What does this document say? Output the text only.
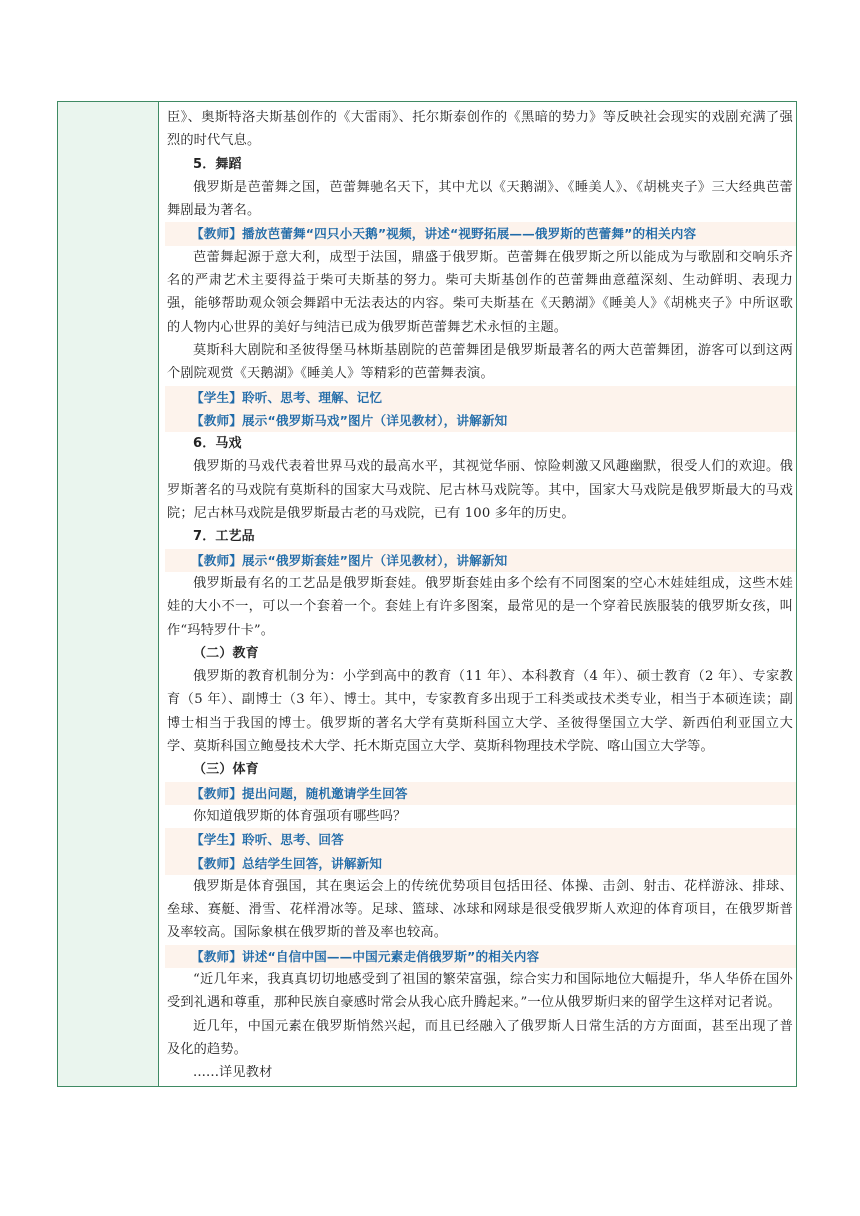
臣》、奥斯特洛夫斯基创作的《大雷雨》、托尔斯泰创作的《黑暗的势力》等反映社会现实的戏剧充满了强烈的时代气息。

5．舞蹈

俄罗斯是芭蕾舞之国，芭蕾舞驰名天下，其中尤以《天鹅湖》、《睡美人》、《胡桃夹子》三大经典芭蕾舞剧最为著名。

【教师】播放芭蕾舞“四只小天鹅”视频，讲述“视野拓展——俄罗斯的芭蕾舞”的相关内容

芭蕾舞起源于意大利，成型于法国，鼎盛于俄罗斯。芭蕾舞在俄罗斯之所以能成为与歌剧和交响乐齐名的严肃艺术主要得益于柴可夫斯基的努力。柴可夫斯基创作的芭蕾舞曲意蕴深刻、生动鲜明、表现力强，能够帮助观众领会舞蹈中无法表达的内容。柴可夫斯基在《天鹅湖》《睡美人》《胡桃夹子》中所讴歌的人物内心世界的美好与纯洁已成为俄罗斯芭蕾舞艺术永恒的主题。

莫斯科大剧院和圣彼得堡马林斯基剧院的芭蕾舞团是俄罗斯最著名的两大芭蕾舞团，游客可以到这两个剧院观赏《天鹅湖》《睡美人》等精彩的芭蕾舞表演。

【学生】聆听、思考、理解、记忆

【教师】展示“俄罗斯马戏”图片（详见教材），讲解新知

6．马戏

俄罗斯的马戏代表着世界马戏的最高水平，其视觉华丽、惊险刺激又风趣幽默，很受人们的欢迎。俄罗斯著名的马戏院有莫斯科的国家大马戏院、尼古林马戏院等。其中，国家大马戏院是俄罗斯最大的马戏院；尼古林马戏院是俄罗斯最古老的马戏院，已有 100 多年的历史。

7．工艺品

【教师】展示“俄罗斯套娃”图片（详见教材），讲解新知

俄罗斯最有名的工艺品是俄罗斯套娃。俄罗斯套娃由多个绘有不同图案的空心木娃娃组成，这些木娃娃的大小不一，可以一个套着一个。套娃上有许多图案，最常见的是一个穿着民族服装的俄罗斯女孩，叫作“玛特罗什卡”。

（二）教育

俄罗斯的教育机制分为：小学到高中的教育（11 年）、本科教育（4 年）、硕士教育（2 年）、专家教育（5 年）、副博士（3 年）、博士。其中，专家教育多出现于工科类或技术类专业，相当于本硕连读；副博士相当于我国的博士。俄罗斯的著名大学有莫斯科国立大学、圣彼得堡国立大学、新西伯利亚国立大学、莫斯科国立鲍曼技术大学、托木斯克国立大学、莫斯科物理技术学院、喀山国立大学等。

（三）体育

【教师】提出问题，随机邀请学生回答

你知道俄罗斯的体育强项有哪些吗？

【学生】聆听、思考、回答

【教师】总结学生回答，讲解新知

俄罗斯是体育强国，其在奥运会上的传统优势项目包括田径、体操、击剑、射击、花样游泳、排球、垒球、赛艇、滑雪、花样滑冰等。足球、篮球、冰球和网球是很受俄罗斯人欢迎的体育项目，在俄罗斯普及率较高。国际象棋在俄罗斯的普及率也较高。

【教师】讲述“自信中国——中国元素走俏俄罗斯”的相关内容

“近几年来，我真真切切地感受到了祖国的繁荣富强，综合实力和国际地位大幅提升，华人华侨在国外受到礼遇和尊重，那种民族自豪感时常会从我心底升腾起来。”一位从俄罗斯归来的留学生这样对记者说。

近几年，中国元素在俄罗斯悄然兴起，而且已经融入了俄罗斯人日常生活的方方面面，甚至出现了普及化的趋势。

......详见教材
